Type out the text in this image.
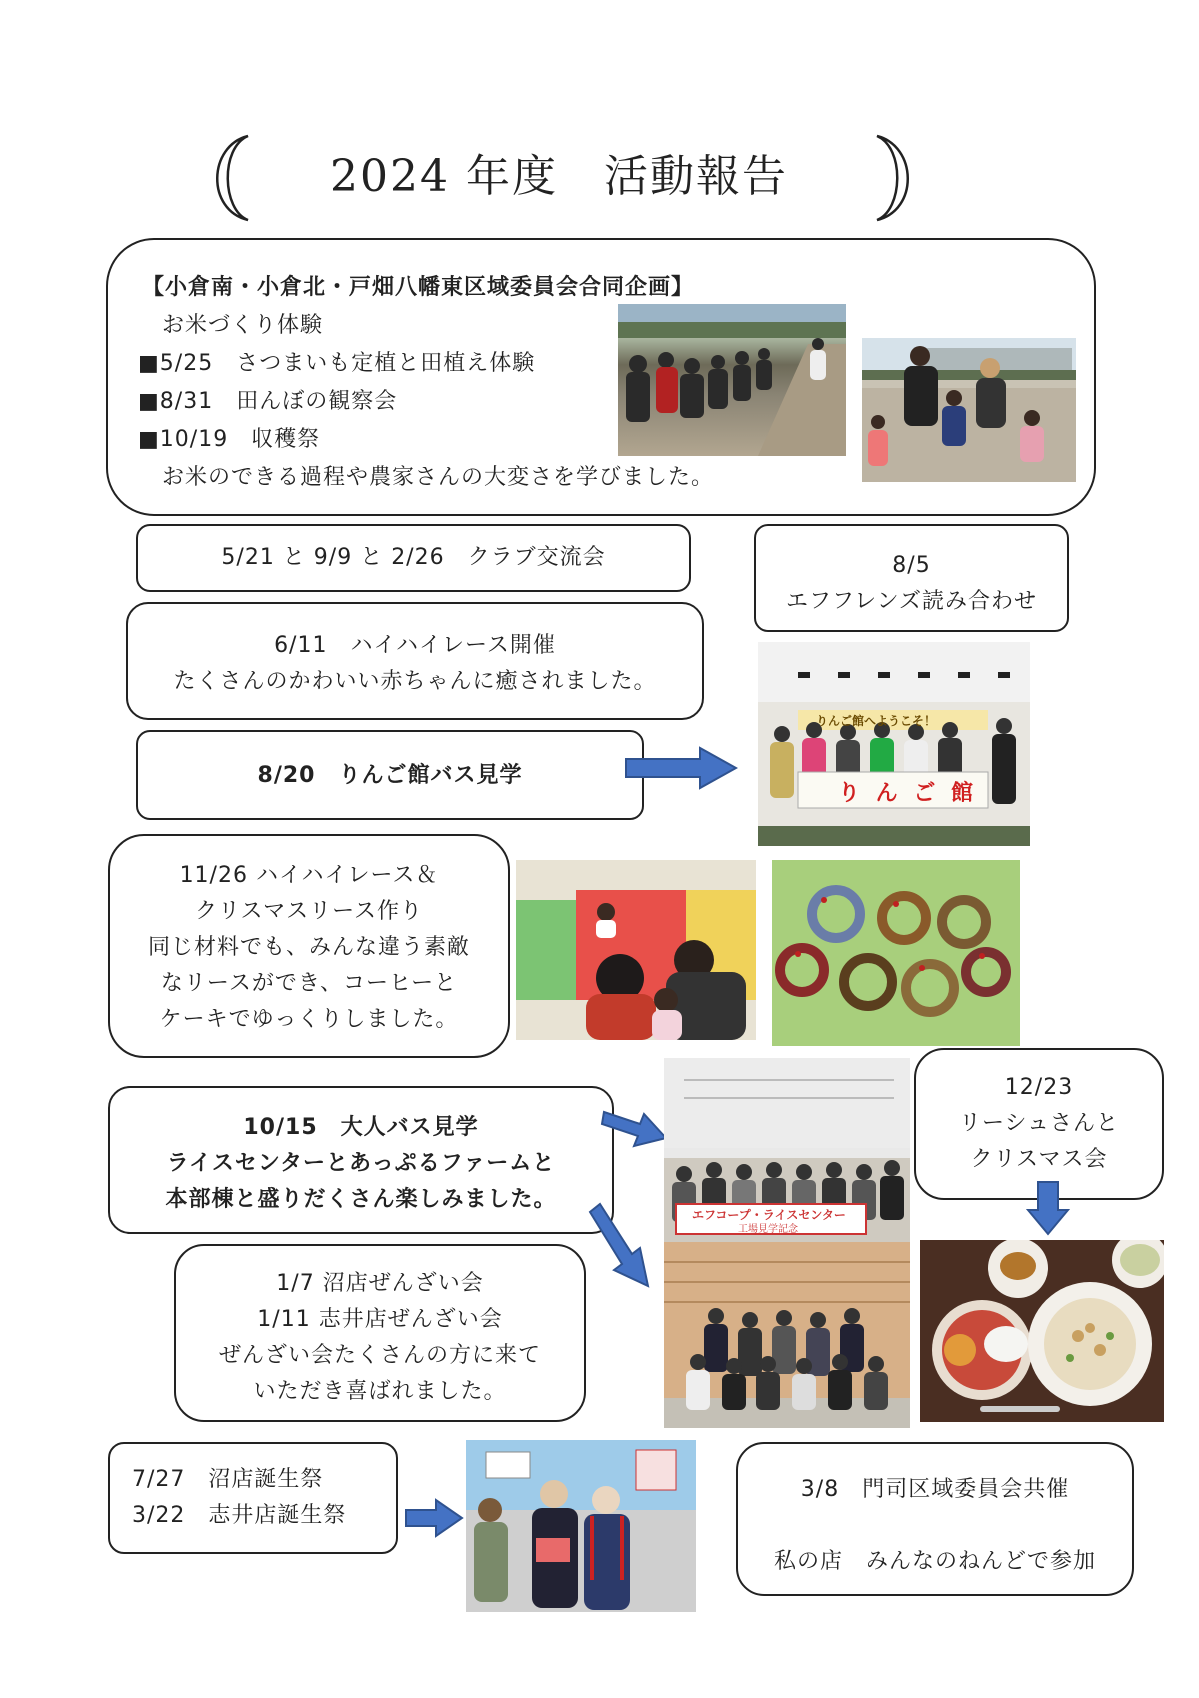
2024 年度　活動報告
【小倉南・小倉北・戸畑八幡東区域委員会合同企画】
お米づくり体験
■5/25　さつまいも定植と田植え体験
■8/31　田んぼの観察会
■10/19　収穫祭
お米のできる過程や農家さんの大変さを学びました。
5/21 と 9/9 と 2/26　クラブ交流会	8/5
エフフレンズ読み合わせ
6/11　ハイハイレース開催
たくさんのかわいい赤ちゃんに癒されました。
8/20　りんご館バス見学
りんご館へようこそ！
り ん ご 館
11/26 ハイハイレース＆
クリスマスリース作り
同じ材料でも、みんな違う素敵
なリースができ、コーヒーと
ケーキでゆっくりしました。
10/15　大人バス見学
ライスセンターとあっぷるファームと
本部棟と盛りだくさん楽しみました。
エフコープ・ライスセンター
工場見学記念
12/23
リーシュさんと
クリスマス会
1/7 沼店ぜんざい会
1/11 志井店ぜんざい会
ぜんざい会たくさんの方に来て
いただき喜ばれました。
7/27　沼店誕生祭
3/22　志井店誕生祭
3/8　門司区域委員会共催
私の店　みんなのねんどで参加
